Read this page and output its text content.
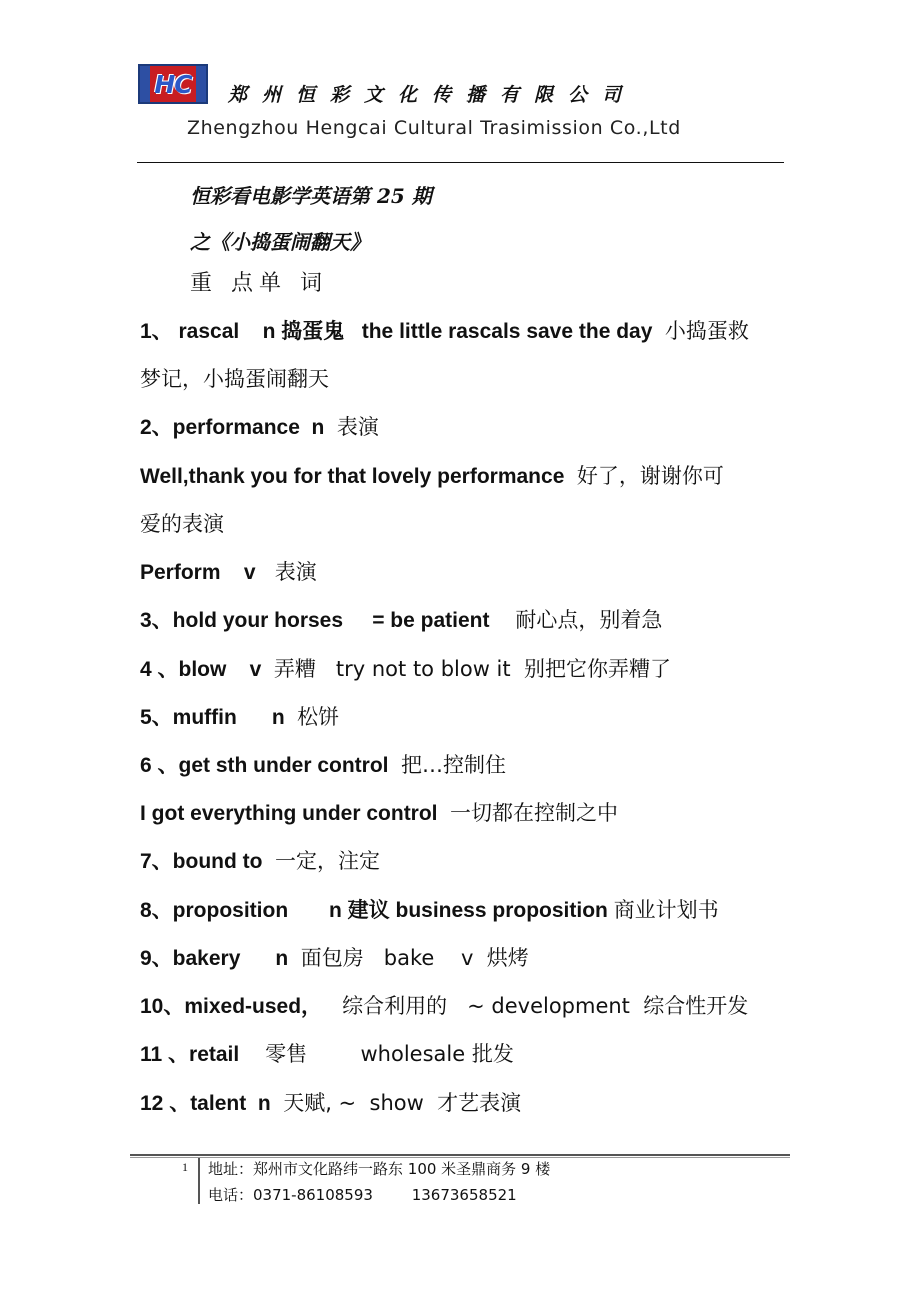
HC 郑州恒彩文化传播有限公司
Zhengzhou Hengcai Cultural Trasimission Co.,Ltd
恒彩看电影学英语第 25 期
之《小捣蛋闹翻天》
重 点单 词
1、 rascal    n 捣蛋鬼   the little rascals save the day  小捣蛋救
梦记，小捣蛋闹翻天
2、performance  n  表演
Well,thank you for that lovely performance  好了，谢谢你可
爱的表演
Perform    v   表演
3、hold your horses     = be patient    耐心点，别着急
4 、blow    v  弄糟   try not to blow it  别把它你弄糟了
5、muffin      n  松饼
6 、get sth under control  把…控制住
I got everything under control  一切都在控制之中
7、bound to  一定，注定
8、proposition       n 建议 business proposition 商业计划书
9、bakery      n  面包房   bake    v  烘烤
10、mixed-used，   综合利用的   ~ development  综合性开发
11 、retail    零售        wholesale 批发
12 、talent  n  天赋, ~  show  才艺表演
1 地址：郑州市文化路纬一路东 100 米圣鼎商务 9 楼
电话：0371-86108593	13673658521
